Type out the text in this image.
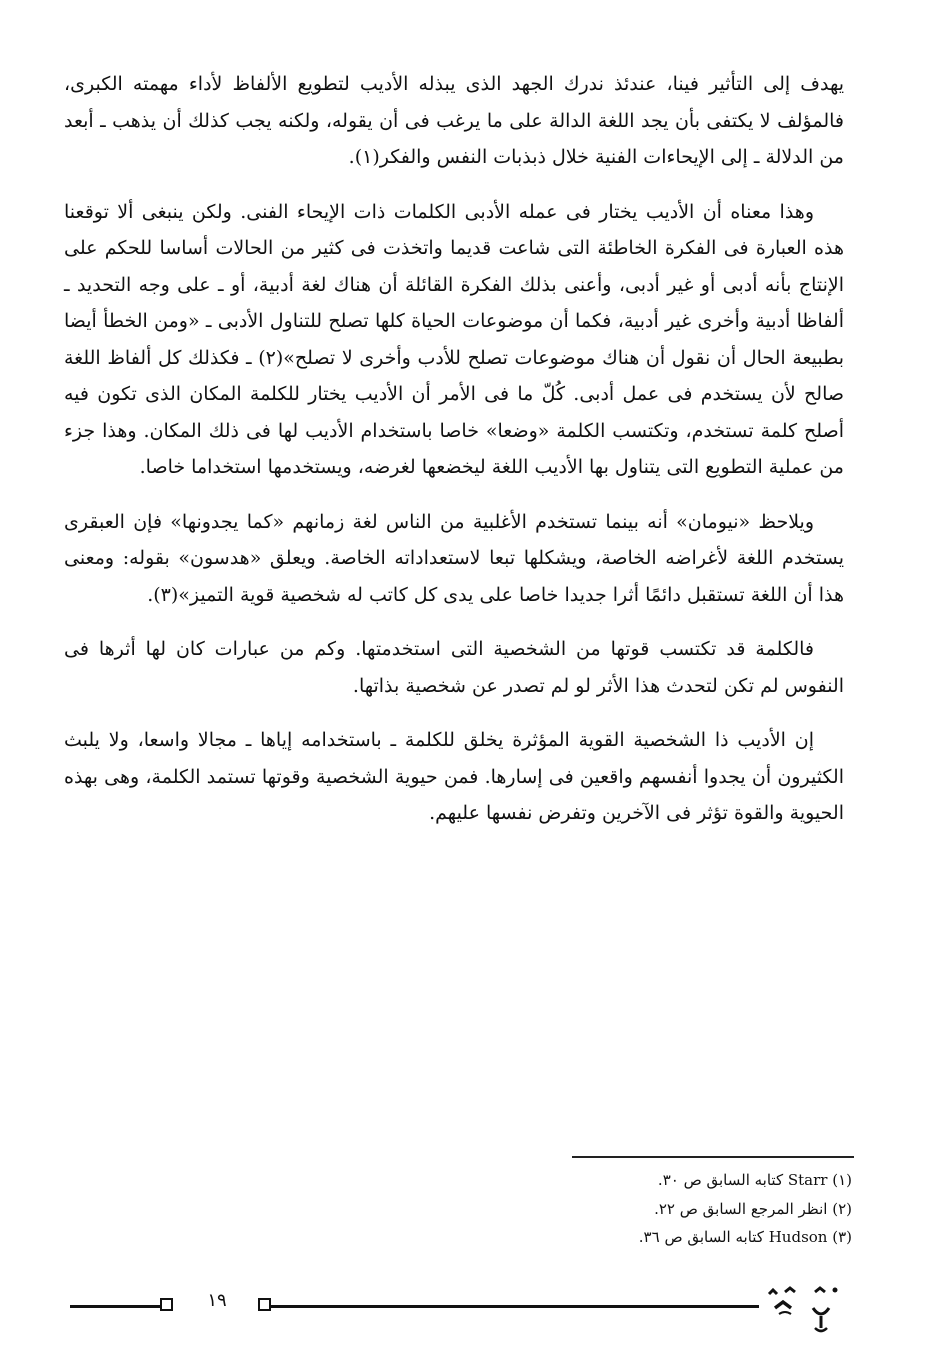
يهدف إلى التأثير فينا، عندئذ ندرك الجهد الذى يبذله الأديب لتطويع الألفاظ لأداء مهمته الكبرى، فالمؤلف لا يكتفى بأن يجد اللغة الدالة على ما يرغب فى أن يقوله، ولكنه يجب كذلك أن يذهب ـ أبعد من الدلالة ـ إلى الإيحاءات الفنية خلال ذبذبات النفس والفكر(١).

وهذا معناه أن الأديب يختار فى عمله الأدبى الكلمات ذات الإيحاء الفنى. ولكن ينبغى ألا توقعنا هذه العبارة فى الفكرة الخاطئة التى شاعت قديما واتخذت فى كثير من الحالات أساسا للحكم على الإنتاج بأنه أدبى أو غير أدبى، وأعنى بذلك الفكرة القائلة أن هناك لغة أدبية، أو ـ على وجه التحديد ـ ألفاظا أدبية وأخرى غير أدبية، فكما أن موضوعات الحياة كلها تصلح للتناول الأدبى ـ «ومن الخطأ أيضا بطبيعة الحال أن نقول أن هناك موضوعات تصلح للأدب وأخرى لا تصلح»(٢) ـ فكذلك كل ألفاظ اللغة صالح لأن يستخدم فى عمل أدبى. كُلّ ما فى الأمر أن الأديب يختار للكلمة المكان الذى تكون فيه أصلح كلمة تستخدم، وتكتسب الكلمة «وضعا» خاصا باستخدام الأديب لها فى ذلك المكان. وهذا جزء من عملية التطويع التى يتناول بها الأديب اللغة ليخضعها لغرضه، ويستخدمها استخداما خاصا.

ويلاحظ «نيومان» أنه بينما تستخدم الأغلبية من الناس لغة زمانهم «كما يجدونها» فإن العبقرى يستخدم اللغة لأغراضه الخاصة، ويشكلها تبعا لاستعداداته الخاصة. ويعلق «هدسون» بقوله: ومعنى هذا أن اللغة تستقبل دائمًا أثرا جديدا خاصا على يدى كل كاتب له شخصية قوية التميز»(٣).

فالكلمة قد تكتسب قوتها من الشخصية التى استخدمتها. وكم من عبارات كان لها أثرها فى النفوس لم تكن لتحدث هذا الأثر لو لم تصدر عن شخصية بذاتها.

إن الأديب ذا الشخصية القوية المؤثرة يخلق للكلمة ـ باستخدامه إياها ـ مجالا واسعا، ولا يلبث الكثيرون أن يجدوا أنفسهم واقعين فى إسارها. فمن حيوية الشخصية وقوتها تستمد الكلمة، وهى بهذه الحيوية والقوة تؤثر فى الآخرين وتفرض نفسها عليهم.

(١) Starr كتابه السابق ص ٣٠.

(٢) انظر المرجع السابق ص ٢٢.

(٣) Hudson كتابه السابق ص ٣٦.

١٩
